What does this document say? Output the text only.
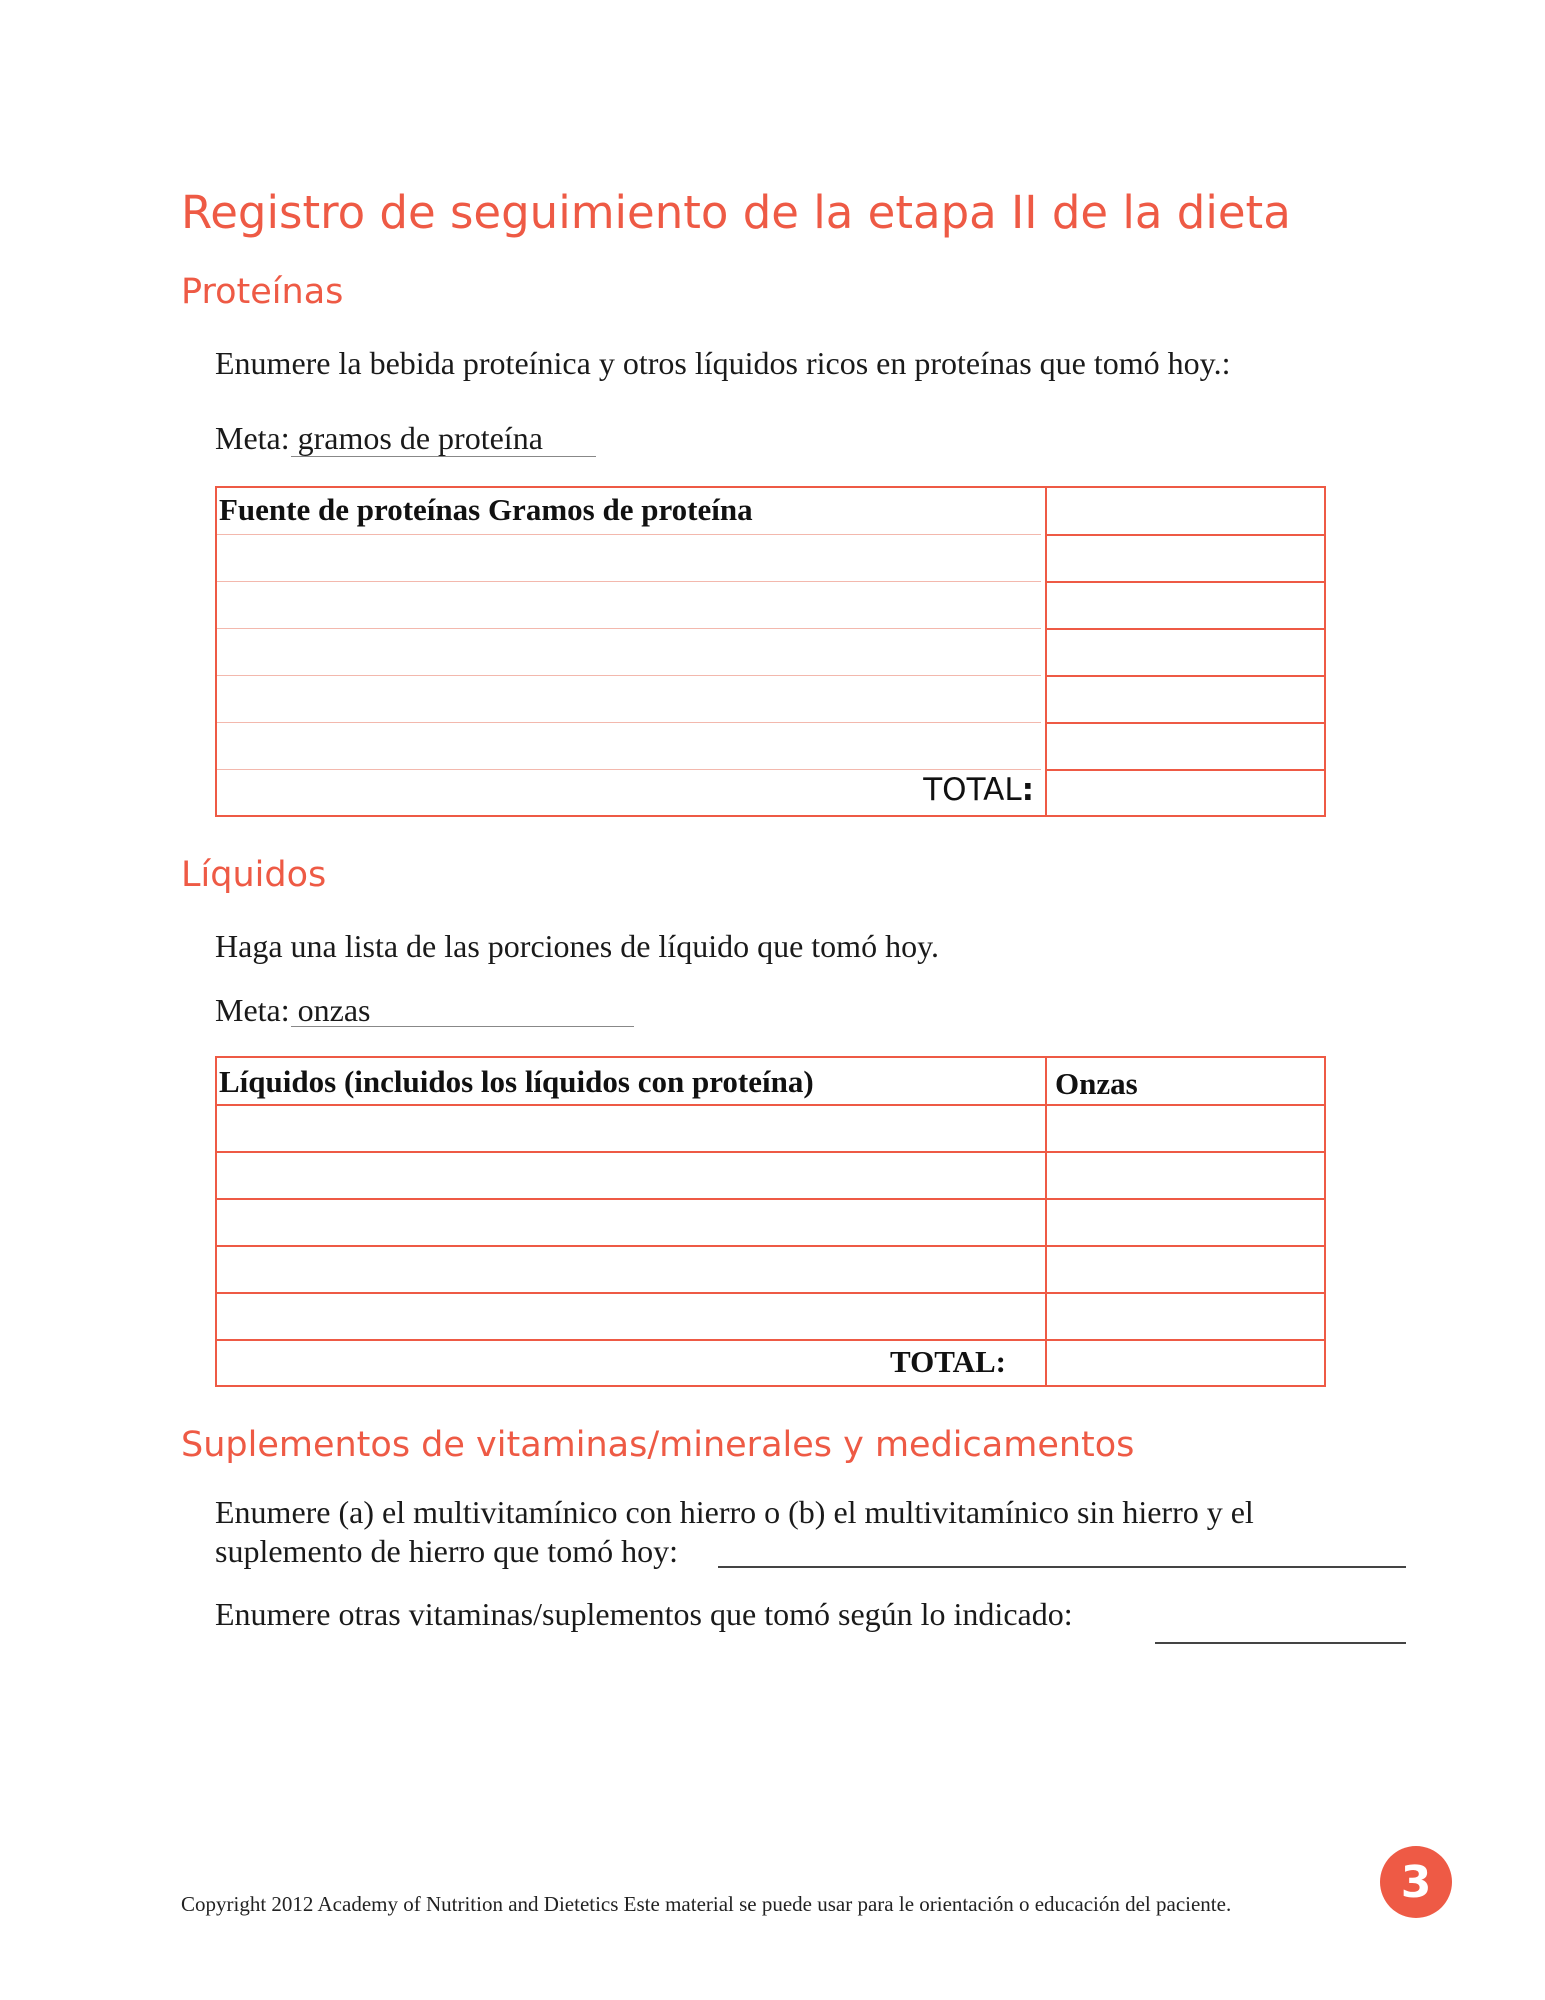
Registro de seguimiento de la etapa II de la dieta
Proteínas
Enumere la bebida proteínica y otros líquidos ricos en proteínas que tomó hoy.:
Meta: gramos de proteína
Fuente de proteínas Gramos de proteína
TOTAL:
Líquidos
Haga una lista de las porciones de líquido que tomó hoy.
Meta: onzas
Líquidos (incluidos los líquidos con proteína)	Onzas
TOTAL:
Suplementos de vitaminas/minerales y medicamentos
Enumere (a) el multivitamínico con hierro o (b) el multivitamínico sin hierro y el
suplemento de hierro que tomó hoy:
Enumere otras vitaminas/suplementos que tomó según lo indicado:
Copyright 2012 Academy of Nutrition and Dietetics Este material se puede usar para le orientación o educación del paciente.	3
